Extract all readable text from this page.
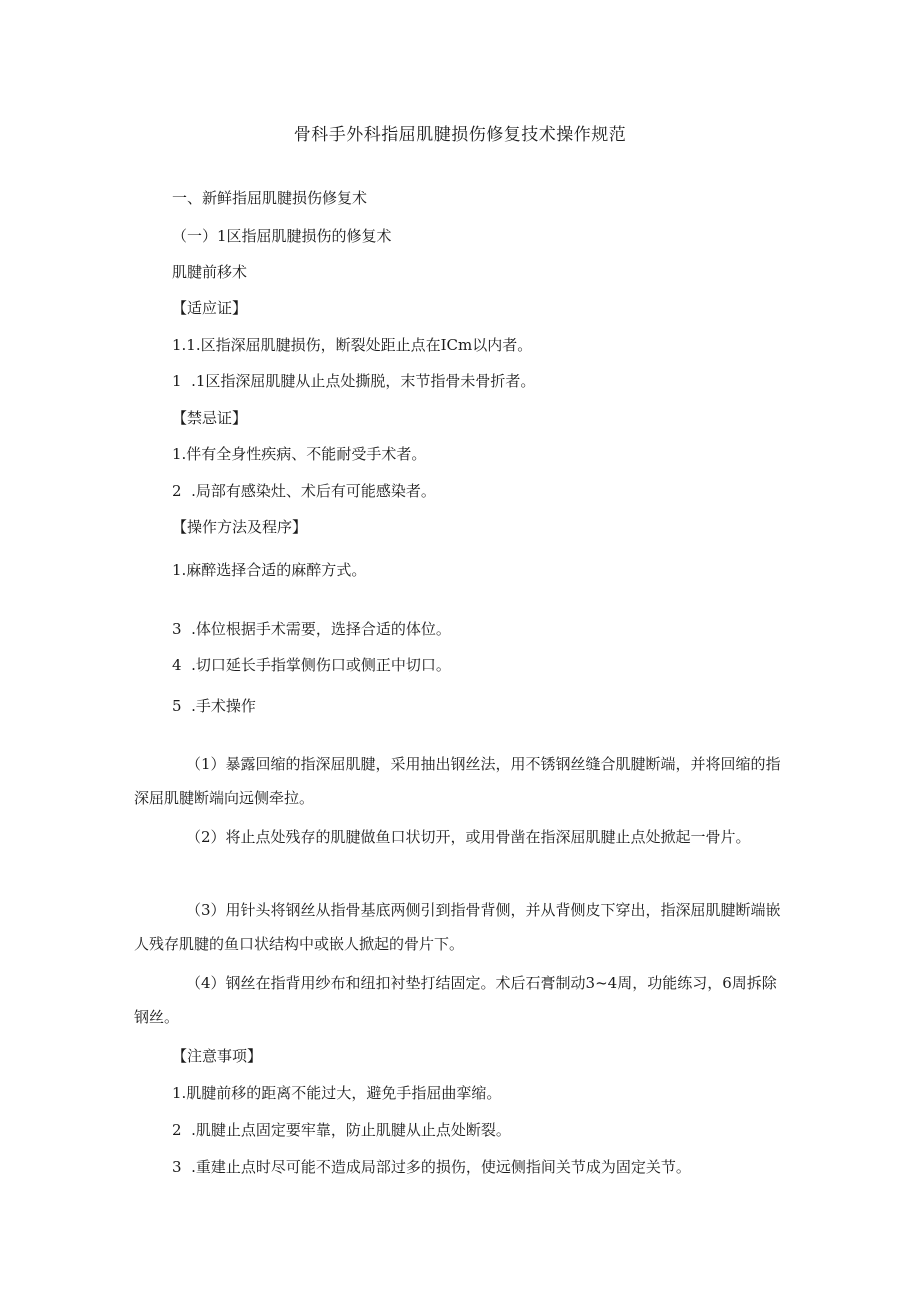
骨科手外科指屈肌腱损伤修复技术操作规范
一、新鲜指屈肌腱损伤修复术
（一）1区指屈肌腱损伤的修复术
肌腱前移术
【适应证】
1.1.区指深屈肌腱损伤，断裂处距止点在ICm以内者。
1  .1区指深屈肌腱从止点处撕脱，末节指骨未骨折者。
【禁忌证】
1.伴有全身性疾病、不能耐受手术者。
2  .局部有感染灶、术后有可能感染者。
【操作方法及程序】
1.麻醉选择合适的麻醉方式。
3  .体位根据手术需要，选择合适的体位。
4  .切口延长手指掌侧伤口或侧正中切口。
5  .手术操作
（1）暴露回缩的指深屈肌腱，采用抽出钢丝法，用不锈钢丝缝合肌腱断端，并将回缩的指深屈肌腱断端向远侧牵拉。
（2）将止点处残存的肌腱做鱼口状切开，或用骨凿在指深屈肌腱止点处掀起一骨片。
（3）用针头将钢丝从指骨基底两侧引到指骨背侧，并从背侧皮下穿出，指深屈肌腱断端嵌人残存肌腱的鱼口状结构中或嵌人掀起的骨片下。
（4）钢丝在指背用纱布和纽扣衬垫打结固定。术后石膏制动3~4周，功能练习，6周拆除钢丝。
【注意事项】
1.肌腱前移的距离不能过大，避免手指屈曲挛缩。
2  .肌腱止点固定要牢靠，防止肌腱从止点处断裂。
3  .重建止点时尽可能不造成局部过多的损伤，使远侧指间关节成为固定关节。
